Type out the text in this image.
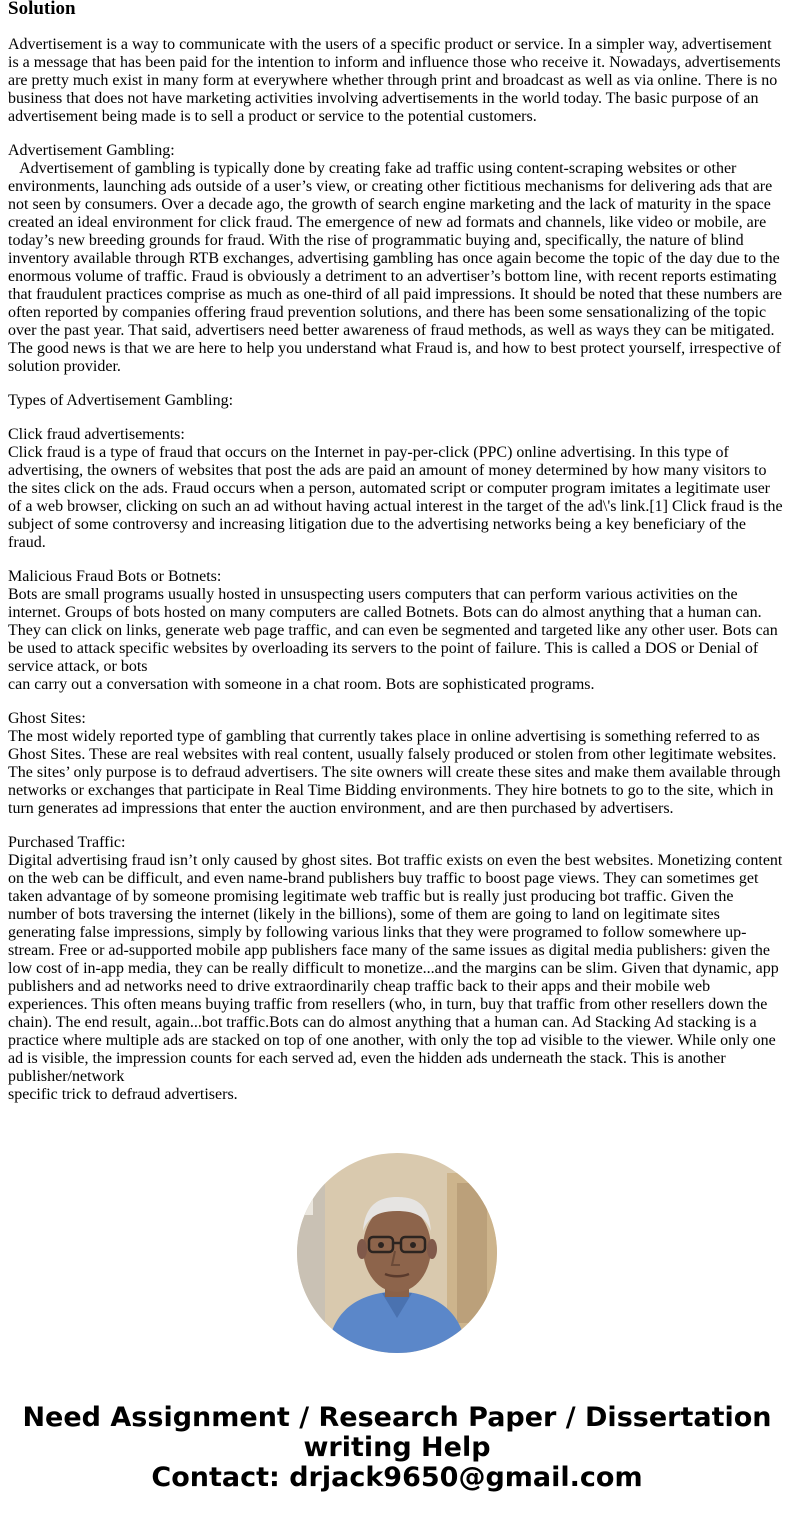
Solution
Advertisement is a way to communicate with the users of a specific product or service. In a simpler way, advertisement is a message that has been paid for the intention to inform and influence those who receive it. Nowadays, advertisements are pretty much exist in many form at everywhere whether through print and broadcast as well as via online. There is no business that does not have marketing activities involving advertisements in the world today. The basic purpose of an advertisement being made is to sell a product or service to the potential customers.
Advertisement Gambling:
Advertisement of gambling is typically done by creating fake ad traffic using content-scraping websites or other environments, launching ads outside of a user’s view, or creating other fictitious mechanisms for delivering ads that are not seen by consumers. Over a decade ago, the growth of search engine marketing and the lack of maturity in the space created an ideal environment for click fraud. The emergence of new ad formats and channels, like video or mobile, are today’s new breeding grounds for fraud. With the rise of programmatic buying and, specifically, the nature of blind inventory available through RTB exchanges, advertising gambling has once again become the topic of the day due to the enormous volume of traffic. Fraud is obviously a detriment to an advertiser’s bottom line, with recent reports estimating that fraudulent practices comprise as much as one-third of all paid impressions. It should be noted that these numbers are often reported by companies offering fraud prevention solutions, and there has been some sensationalizing of the topic over the past year. That said, advertisers need better awareness of fraud methods, as well as ways they can be mitigated. The good news is that we are here to help you understand what Fraud is, and how to best protect yourself, irrespective of solution provider.
Types of Advertisement Gambling:
Click fraud advertisements:
Click fraud is a type of fraud that occurs on the Internet in pay-per-click (PPC) online advertising. In this type of advertising, the owners of websites that post the ads are paid an amount of money determined by how many visitors to the sites click on the ads. Fraud occurs when a person, automated script or computer program imitates a legitimate user of a web browser, clicking on such an ad without having actual interest in the target of the ad\'s link.[1] Click fraud is the subject of some controversy and increasing litigation due to the advertising networks being a key beneficiary of the fraud.
Malicious Fraud Bots or Botnets:
Bots are small programs usually hosted in unsuspecting users computers that can perform various activities on the internet. Groups of bots hosted on many computers are called Botnets. Bots can do almost anything that a human can. They can click on links, generate web page traffic, and can even be segmented and targeted like any other user. Bots can be used to attack specific websites by overloading its servers to the point of failure. This is called a DOS or Denial of service attack, or bots
can carry out a conversation with someone in a chat room. Bots are sophisticated programs.
Ghost Sites:
The most widely reported type of gambling that currently takes place in online advertising is something referred to as Ghost Sites. These are real websites with real content, usually falsely produced or stolen from other legitimate websites. The sites’ only purpose is to defraud advertisers. The site owners will create these sites and make them available through networks or exchanges that participate in Real Time Bidding environments. They hire botnets to go to the site, which in turn generates ad impressions that enter the auction environment, and are then purchased by advertisers.
Purchased Traffic:
Digital advertising fraud isn’t only caused by ghost sites. Bot traffic exists on even the best websites. Monetizing content on the web can be difficult, and even name-brand publishers buy traffic to boost page views. They can sometimes get taken advantage of by someone promising legitimate web traffic but is really just producing bot traffic. Given the number of bots traversing the internet (likely in the billions), some of them are going to land on legitimate sites generating false impressions, simply by following various links that they were programed to follow somewhere up-stream. Free or ad-supported mobile app publishers face many of the same issues as digital media publishers: given the low cost of in-app media, they can be really difficult to monetize...and the margins can be slim. Given that dynamic, app publishers and ad networks need to drive extraordinarily cheap traffic back to their apps and their mobile web experiences. This often means buying traffic from resellers (who, in turn, buy that traffic from other resellers down the chain). The end result, again...bot traffic.Bots can do almost anything that a human can. Ad Stacking Ad stacking is a practice where multiple ads are stacked on top of one another, with only the top ad visible to the viewer. While only one ad is visible, the impression counts for each served ad, even the hidden ads underneath the stack. This is another publisher/network
specific trick to defraud advertisers.
Need Assignment / Research Paper / Dissertation writing Help
Contact: drjack9650@gmail.com
